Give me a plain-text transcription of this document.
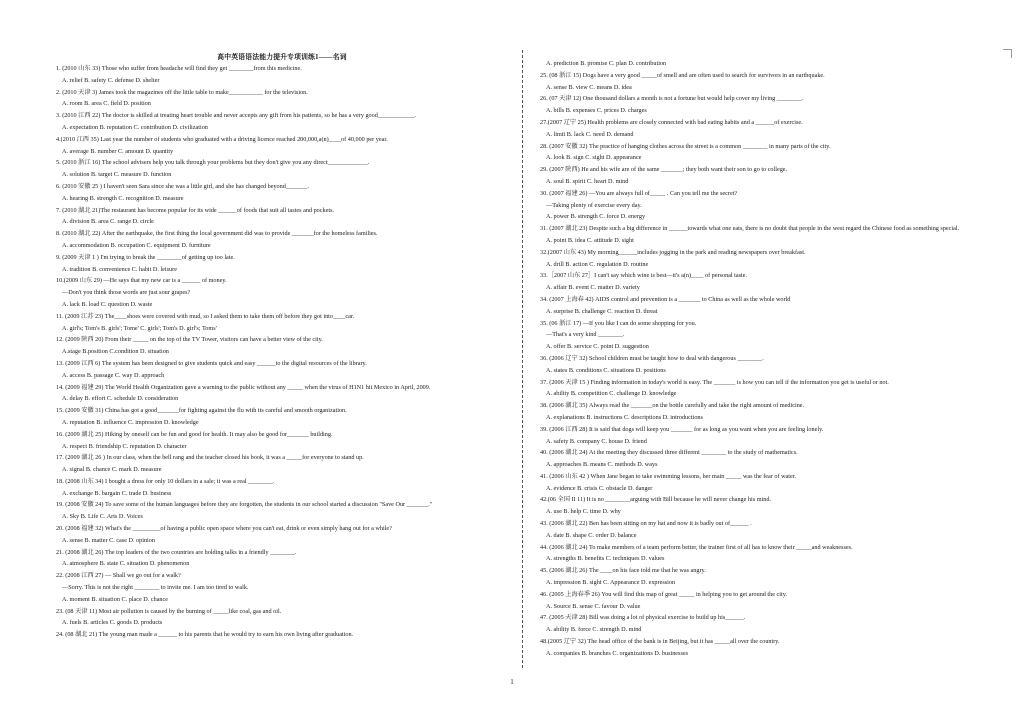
高中英语语法能力提升专项训练1——名词
1. (2010 山东 33) Those who suffer from headache will find they get ________from this medicine.
A. relief B. safety C. defense D. shelter
2. (2010 天津 3) James took the magazines off the little table to make___________ for the television.
A. room B. area C. field D. position
3. (2010 江西 22) The doctor is skilled at treating heart trouble and never accepts any gift from his patients, so he has a very good____________.
A. expectation B. reputation C. contribution D. civilization
4.(2010 江西 35) Last year the number of students who graduated with a driving licence reached 200,000,a(n)____of 40,000 per year.
A. average B. number C. amount D. quantity
5. (2010 浙江 16) The school advisers help you talk through your problems but they don't give you any direct_____________.
A. solution B. target C. measure D. function
6. (2010 安徽 25 ) I haven't seen Sara since she was a little girl, and she has changed beyond_______.
A. hearing B. strength C. recognition D. measure
7. (2010 湖北 21)The restaurant has become popular for its wide ______of foods that suit all tastes and pockets.
A. division B. area C. range D. circle
8. (2010 湖北 22) After the earthquake, the first thing the local government did was to provide _______for the homeless families.
A. accommodation B. occupation C. equipment D. furniture
9. (2009 天津 1 ) I'm trying to break the ________of getting up too late.
A. tradition B. convenience C. habit D. leisure
10.(2009 山东 29) —He says that my new car is a ______ of money.
—Don't you think those words are just sour grapes?
A. lack B. load C. question D. waste
11. (2009 江苏 23) The____shoes were covered with mud, so I asked them to take them off before they got into____car.
A. girl's; Tom's B. girls'; Tome' C. girls'; Tom's D. girl's; Toms'
12. (2009 陕西 20) From their _____ on the top of the TV Tower, visitors can have a better view of the city.
A.stage B.position C.condition D. situation
13. (2009 江西 6) The system has been designed to give students quick and easy ______to the digital resources of the library.
A. access B. passage C. way D. approach
14. (2009 福建 29) The World Health Organization gave a warning to the public without any _____ when the virus of H1N1 hit Mexico in April, 2009.
A. delay B. effort C. schedule D. consideration
15. (2009 安徽 31) China has got a good_______for fighting against the flu with its careful and smooth organization.
A. reputation B. influence C. impression D. knowledge
16. (2009 湖北 25) Hiking by oneself can be fun and good for health. It may also be good for_______ building.
A. respect B. friendship C. reputation D. character
17. (2009 湖北 26 ) In our class, when the bell rang and the teacher closed his book, it was a _____for everyone to stand up.
A. signal B. chance C. mark D. measure
18. (2008 山东 34) I bought a dress for only 10 dollars in a sale; it was a real ________.
A. exchange B. bargain C. trade D. business
19. (2008 安徽 24) To save some of the human languages before they are forgotten, the students in our school started a discussion "Save Our _______."
A. Sky B. Life C. Arts D. Voices
20. (2008 福建 32) What's the _________of having a public open space where you can't eat, drink or even simply hang out for a while?
A. sense B. matter C. case D. opinion
21. (2008 湖北 26) The top leaders of the two countries are holding talks in a friendly ________.
A. atmosphere B. state C. situation D. phenomenon
22. (2008 江西 27) — Shall we go out for a walk?
—Sorry. This is not the right ________ to invite me. I am too tired to walk.
A. moment B. situation C. place D. chance
23. (08 天津 11) Most air pollution is caused by the burning of _____like coal, gas and oil.
A. fuels B. articles C. goods D. products
24. (08 湖北 21) The young man made a ______ to his parents that he would try to earn his own living after graduation.
A. prediction B. promise C. plan D. contribution
25. (08 浙江 15) Dogs have a very good _____of smell and are often used to search for survivors in an earthquake.
A. sense B. view C. means D. idea
26. (07 天津 12) One thousand dollars a month is not a fortune but would help cover my living ________.
A. bills B. expenses C. prices D. charges
27.(2007 辽宁 25) Health problems are closely connected with bad eating habits and a ______of exercise.
A. limit B. lack C. need D. demand
28. (2007 安徽 32) The practice of hanging clothes across the street is a common ________ in many parts of the city.
A. look B. sign C. sight D. appearance
29. (2007 陕西) He and his wife are of the same _______; they both want their son to go to college.
A. soul B. spirit C. heart D. mind
30. (2007 福建 26) —You are always full of_____ . Can you tell me the secret?
—Taking plenty of exercise every day.
A. power B. strength C. force D. energy
31. (2007 湖北 23) Despite such a big difference in ______towards what one eats, there is no doubt that people in the west regard the Chinese food as something special.
A. point B. idea C. attitude D. sight
32.(2007 山东 43) My morning______includes jogging in the park and reading newspapers over breakfast.
A. drill B. action C. regulation D. routine
33.［2007 山东 27］I can't say which wine is best—it's a(n)____ of personal taste.
A. affair B. event C. matter D. variety
34. (2007 上海春 42) AIDS control and prevention is a _______ to China as well as the whole world
A. surprise B. challenge C. reaction D. threat
35. (06 浙江 17) —If you like I can do some shopping for you.
—That's a very kind ________.
A. offer B. service C. point D. suggestion
36. (2006 辽宁 32) School children must be taught how to deal with dangerous ________.
A. states B. conditions C. situations D. positions
37. (2006 天津 15 ) Finding information in today's world is easy. The _______ is how you can tell if the information you get is useful or not.
A. ability B. competition C. challenge D. knowledge
38. (2006 湖北 35) Always read the _______on the bottle carefully and take the right amount of medicine.
A. explanations B. instructions C. descriptions D. introductions
39. (2006 江西 28) It is said that dogs will keep you _______ for as long as you want when you are feeling lonely.
A. safety B. company C. house D. friend
40. (2006 湖北 24) At the meeting they discussed three different ________ to the study of mathematics.
A. approaches B. means C. methods D. ways
41. (2006 山东 42 ) When Jane began to take swimming lessons, her main _____ was the fear of water.
A. evidence B. crisis C. obstacle D. danger
42.(06 全国 II 11) It is no ________arguing with Bill because he will never change his mind.
A. use B. help C. time D. why
43. (2006 湖北 22) Ben has been sitting on my hat and now it is badly out of______ .
A. date B. shape C. order D. balance
44. (2006 湖北 24) To make members of a team perform better, the trainer first of all has to know their _____and weaknesses.
A. strengths B. benefits C. techniques D. values
45. (2006 湖北 26) The ____on his face told me that he was angry.
A. impression B. sight C. Appearance D. expression
46. (2005 上海春季 26) You will find this map of great _____ in helping you to get around the city.
A. Source B. sense C. favour D. value
47. (2005 天津 28) Bill was doing a lot of physical exercise to build up his______.
A. ability B. force C. strength D. mind
48.(2005 辽宁 32) The head office of the bank is in Beijing, but it has _____all over the country.
A. companies B. branches C. organizations D. businesses
1
